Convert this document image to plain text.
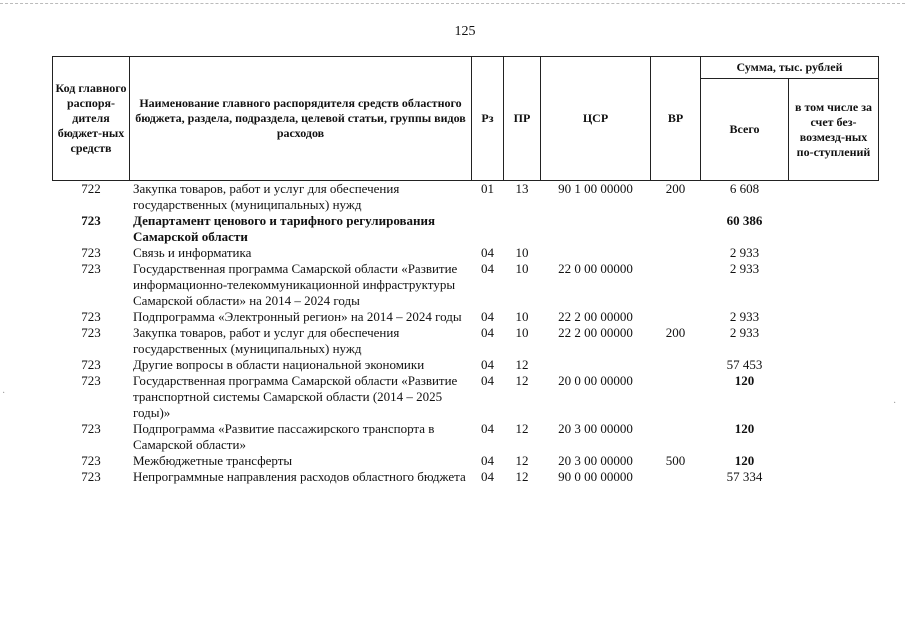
125
Код главного распоря-дителя бюджет-ных средств	Наименование главного распорядителя средств областного бюджета, раздела, подраздела, целевой статьи, группы видов расходов	Рз	ПР	ЦСР	ВР	Сумма, тыс. рублей	
						Всего	в том числе за счет без-возмезд-ных по-ступлений
722	Закупка товаров, работ и услуг для обеспечения государственных (муниципальных) нужд	01	13	90 1 00 00000	200	6 608	
723	Департамент ценового и тарифного регулирования Самарской области					60 386	
723	Связь и информатика	04	10			2 933	
723	Государственная программа Самарской области «Развитие информационно-телекоммуникационной инфраструктуры Самарской области» на 2014 – 2024 годы	04	10	22 0 00 00000		2 933	
723	Подпрограмма «Электронный регион» на 2014 – 2024 годы	04	10	22 2 00 00000		2 933	
723	Закупка товаров, работ и услуг для обеспечения государственных (муниципальных) нужд	04	10	22 2 00 00000	200	2 933	
723	Другие вопросы в области национальной экономики	04	12			57 453	
723	Государственная программа Самарской области «Развитие транспортной системы Самарской области (2014 – 2025 годы)»	04	12	20 0 00 00000		120	
723	Подпрограмма «Развитие пассажирского транспорта в Самарской области»	04	12	20 3 00 00000		120	
723	Межбюджетные трансферты	04	12	20 3 00 00000	500	120	
723	Непрограммные направления расходов областного бюджета	04	12	90 0 00 00000		57 334	
·
·
